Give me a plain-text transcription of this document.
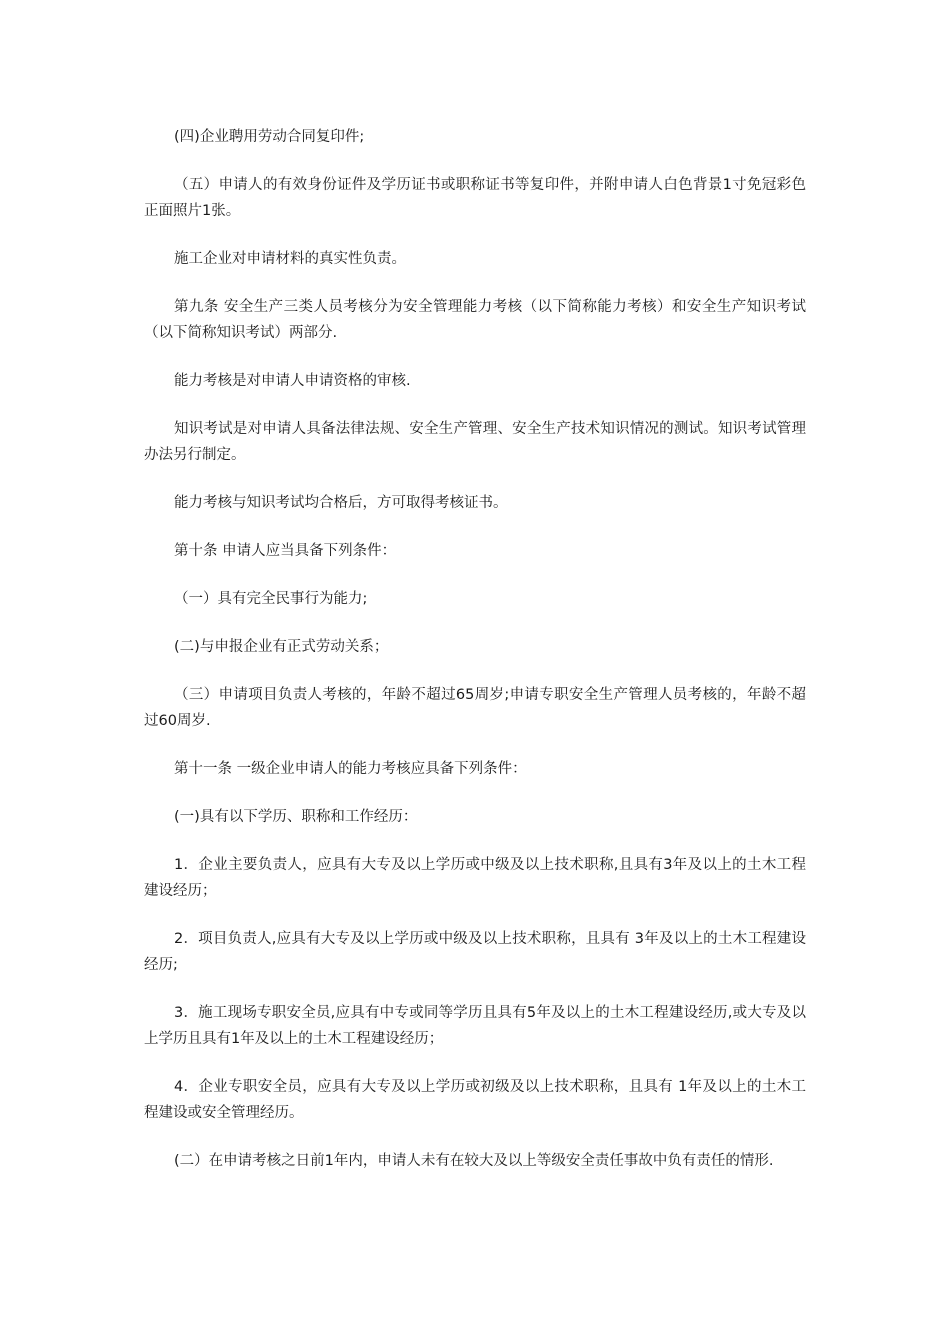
(四)企业聘用劳动合同复印件;

（五）申请人的有效身份证件及学历证书或职称证书等复印件，并附申请人白色背景1寸免冠彩色正面照片1张。

施工企业对申请材料的真实性负责。

第九条 安全生产三类人员考核分为安全管理能力考核（以下简称能力考核）和安全生产知识考试（以下简称知识考试）两部分.

能力考核是对申请人申请资格的审核.

知识考试是对申请人具备法律法规、安全生产管理、安全生产技术知识情况的测试。知识考试管理办法另行制定。

能力考核与知识考试均合格后，方可取得考核证书。

第十条 申请人应当具备下列条件：

（一）具有完全民事行为能力;

(二)与申报企业有正式劳动关系；

（三）申请项目负责人考核的，年龄不超过65周岁;申请专职安全生产管理人员考核的，年龄不超过60周岁.

第十一条 一级企业申请人的能力考核应具备下列条件：

(一)具有以下学历、职称和工作经历：

1．企业主要负责人，应具有大专及以上学历或中级及以上技术职称,且具有3年及以上的土木工程建设经历；

2．项目负责人,应具有大专及以上学历或中级及以上技术职称，且具有 3年及以上的土木工程建设经历;

3．施工现场专职安全员,应具有中专或同等学历且具有5年及以上的土木工程建设经历,或大专及以上学历且具有1年及以上的土木工程建设经历；

4．企业专职安全员，应具有大专及以上学历或初级及以上技术职称，且具有 1年及以上的土木工程建设或安全管理经历。

(二）在申请考核之日前1年内，申请人未有在较大及以上等级安全责任事故中负有责任的情形.
